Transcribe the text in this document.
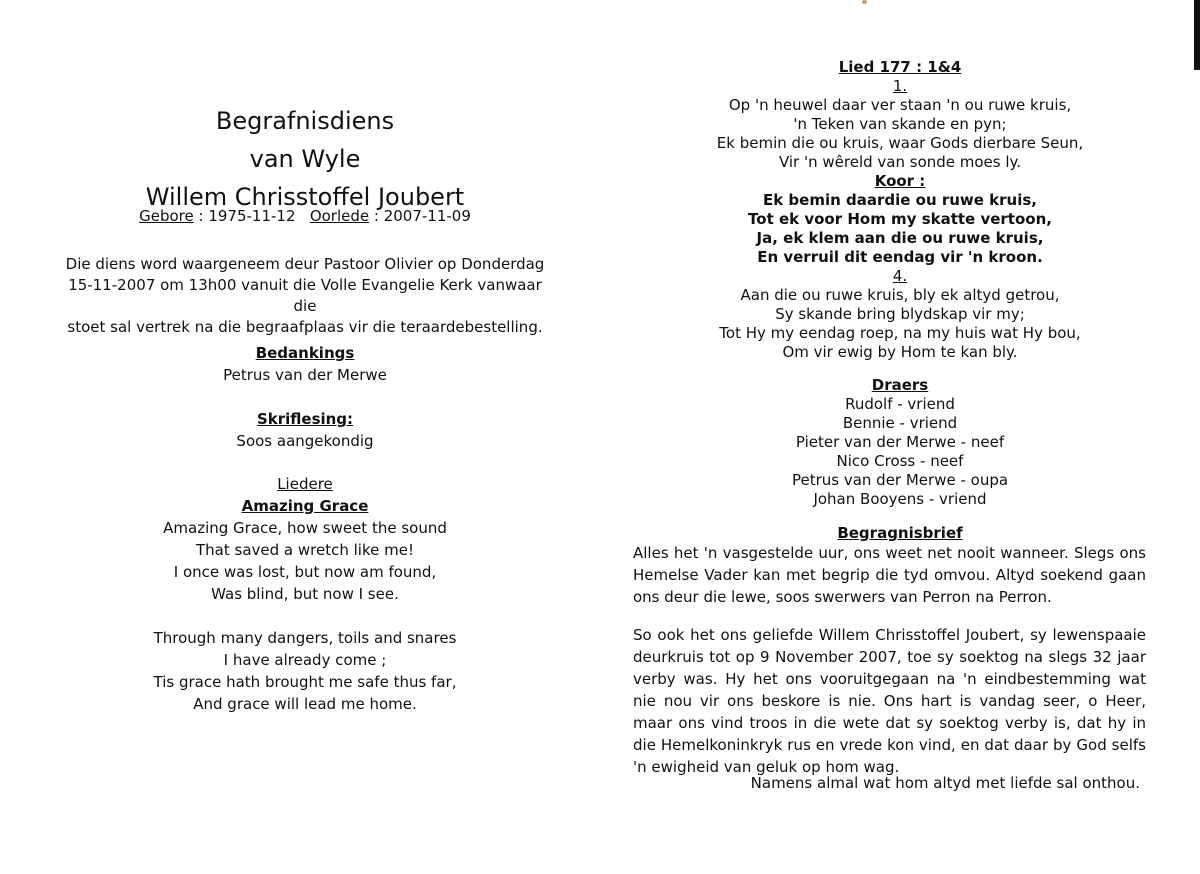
Begrafnisdiens
van Wyle
Willem Chrisstoffel Joubert
Gebore : 1975-11-12 Oorlede : 2007-11-09
Die diens word waargeneem deur Pastoor Olivier op Donderdag
15-11-2007 om 13h00 vanuit die Volle Evangelie Kerk vanwaar die
stoet sal vertrek na die begraafplaas vir die teraardebestelling.
Bedankings
Petrus van der Merwe
Skriflesing:
Soos aangekondig
Liedere
Amazing Grace
Amazing Grace, how sweet the sound
That saved a wretch like me!
I once was lost, but now am found,
Was blind, but now I see.
Through many dangers, toils and snares
I have already come ;
Tis grace hath brought me safe thus far,
And grace will lead me home.
Lied 177 : 1&4
1.
Op 'n heuwel daar ver staan 'n ou ruwe kruis,
'n Teken van skande en pyn;
Ek bemin die ou kruis, waar Gods dierbare Seun,
Vir 'n wêreld van sonde moes ly.
Koor :
Ek bemin daardie ou ruwe kruis,
Tot ek voor Hom my skatte vertoon,
Ja, ek klem aan die ou ruwe kruis,
En verruil dit eendag vir 'n kroon.
4.
Aan die ou ruwe kruis, bly ek altyd getrou,
Sy skande bring blydskap vir my;
Tot Hy my eendag roep, na my huis wat Hy bou,
Om vir ewig by Hom te kan bly.
Draers
Rudolf - vriend
Bennie - vriend
Pieter van der Merwe - neef
Nico Cross - neef
Petrus van der Merwe - oupa
Johan Booyens - vriend
Begragnisbrief
Alles het 'n vasgestelde uur, ons weet net nooit wanneer. Slegs ons Hemelse Vader kan met begrip die tyd omvou. Altyd soekend gaan ons deur die lewe, soos swerwers van Perron na Perron.
So ook het ons geliefde Willem Chrisstoffel Joubert, sy lewenspaaie deurkruis tot op 9 November 2007, toe sy soektog na slegs 32 jaar verby was. Hy het ons vooruitgegaan na 'n eindbestemming wat nie nou vir ons beskore is nie. Ons hart is vandag seer, o Heer, maar ons vind troos in die wete dat sy soektog verby is, dat hy in die Hemelkoninkryk rus en vrede kon vind, en dat daar by God selfs 'n ewigheid van geluk op hom wag.
Namens almal wat hom altyd met liefde sal onthou.
